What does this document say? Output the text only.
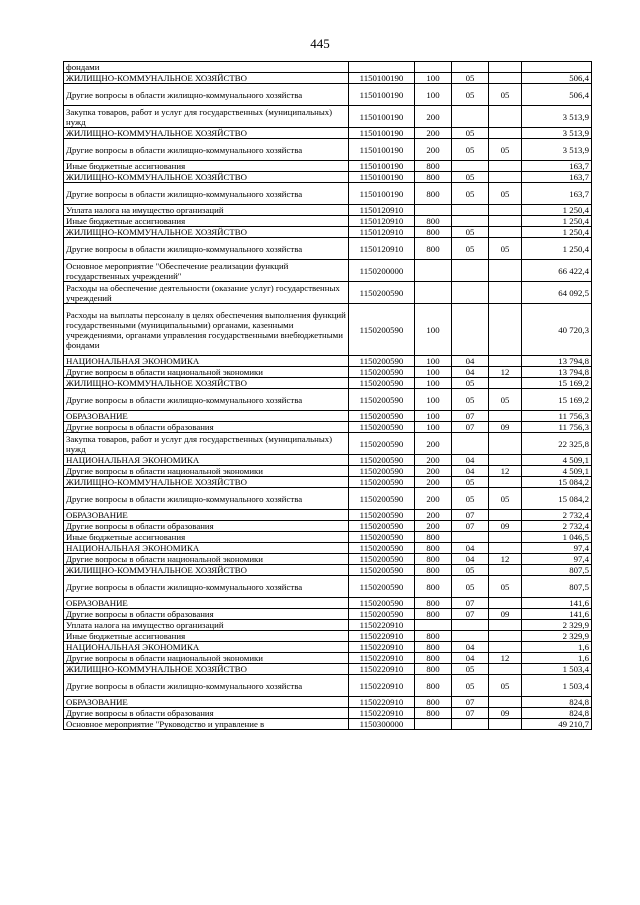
445
фондами					
ЖИЛИЩНО-КОММУНАЛЬНОЕ ХОЗЯЙСТВО	1150100190	100	05		506,4
Другие вопросы в области жилищно-коммунального хозяйства	1150100190	100	05	05	506,4
Закупка товаров, работ и услуг для государственных (муниципальных) нужд	1150100190	200			3 513,9
ЖИЛИЩНО-КОММУНАЛЬНОЕ ХОЗЯЙСТВО	1150100190	200	05		3 513,9
Другие вопросы в области жилищно-коммунального хозяйства	1150100190	200	05	05	3 513,9
Иные бюджетные ассигнования	1150100190	800			163,7
ЖИЛИЩНО-КОММУНАЛЬНОЕ ХОЗЯЙСТВО	1150100190	800	05		163,7
Другие вопросы в области жилищно-коммунального хозяйства	1150100190	800	05	05	163,7
Уплата налога на имущество организаций	1150120910				1 250,4
Иные бюджетные ассигнования	1150120910	800			1 250,4
ЖИЛИЩНО-КОММУНАЛЬНОЕ ХОЗЯЙСТВО	1150120910	800	05		1 250,4
Другие вопросы в области жилищно-коммунального хозяйства	1150120910	800	05	05	1 250,4
Основное мероприятие "Обеспечение реализации функций государственных учреждений"	1150200000				66 422,4
Расходы на обеспечение деятельности (оказание услуг) государственных учреждений	1150200590				64 092,5
Расходы на выплаты персоналу в целях обеспечения выполнения функций государственными (муниципальными) органами, казенными учреждениями, органами управления государственными внебюджетными фондами	1150200590	100			40 720,3
НАЦИОНАЛЬНАЯ ЭКОНОМИКА	1150200590	100	04		13 794,8
Другие вопросы в области национальной экономики	1150200590	100	04	12	13 794,8
ЖИЛИЩНО-КОММУНАЛЬНОЕ ХОЗЯЙСТВО	1150200590	100	05		15 169,2
Другие вопросы в области жилищно-коммунального хозяйства	1150200590	100	05	05	15 169,2
ОБРАЗОВАНИЕ	1150200590	100	07		11 756,3
Другие вопросы в области образования	1150200590	100	07	09	11 756,3
Закупка товаров, работ и услуг для государственных (муниципальных) нужд	1150200590	200			22 325,8
НАЦИОНАЛЬНАЯ ЭКОНОМИКА	1150200590	200	04		4 509,1
Другие вопросы в области национальной экономики	1150200590	200	04	12	4 509,1
ЖИЛИЩНО-КОММУНАЛЬНОЕ ХОЗЯЙСТВО	1150200590	200	05		15 084,2
Другие вопросы в области жилищно-коммунального хозяйства	1150200590	200	05	05	15 084,2
ОБРАЗОВАНИЕ	1150200590	200	07		2 732,4
Другие вопросы в области образования	1150200590	200	07	09	2 732,4
Иные бюджетные ассигнования	1150200590	800			1 046,5
НАЦИОНАЛЬНАЯ ЭКОНОМИКА	1150200590	800	04		97,4
Другие вопросы в области национальной экономики	1150200590	800	04	12	97,4
ЖИЛИЩНО-КОММУНАЛЬНОЕ ХОЗЯЙСТВО	1150200590	800	05		807,5
Другие вопросы в области жилищно-коммунального хозяйства	1150200590	800	05	05	807,5
ОБРАЗОВАНИЕ	1150200590	800	07		141,6
Другие вопросы в области образования	1150200590	800	07	09	141,6
Уплата налога на имущество организаций	1150220910				2 329,9
Иные бюджетные ассигнования	1150220910	800			2 329,9
НАЦИОНАЛЬНАЯ ЭКОНОМИКА	1150220910	800	04		1,6
Другие вопросы в области национальной экономики	1150220910	800	04	12	1,6
ЖИЛИЩНО-КОММУНАЛЬНОЕ ХОЗЯЙСТВО	1150220910	800	05		1 503,4
Другие вопросы в области жилищно-коммунального хозяйства	1150220910	800	05	05	1 503,4
ОБРАЗОВАНИЕ	1150220910	800	07		824,8
Другие вопросы в области образования	1150220910	800	07	09	824,8
Основное мероприятие "Руководство и управление в	1150300000				49 210,7
